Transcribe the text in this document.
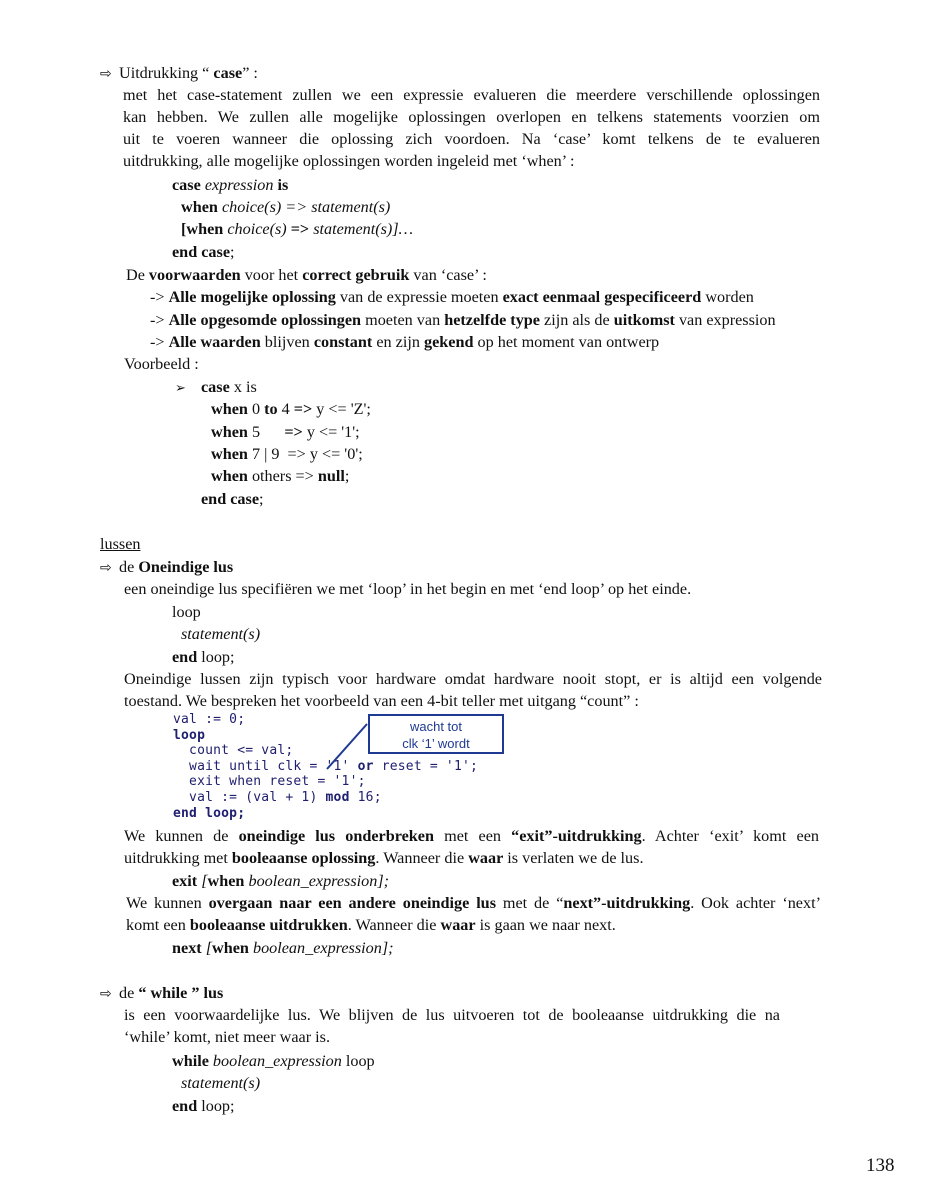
⇨ Uitdrukking “ case” :
met het case-statement zullen we een expressie evalueren die meerdere verschillende oplossingen
kan hebben. We zullen alle mogelijke oplossingen overlopen en telkens statements voorzien om
uit te voeren wanneer die oplossing zich voordoen. Na ‘case’ komt telkens de te evalueren
uitdrukking, alle mogelijke oplossingen worden ingeleid met ‘when’ :
case expression is
when choice(s) => statement(s)
[when choice(s) => statement(s)]…
end case;
De voorwaarden voor het correct gebruik van ‘case’ :
-> Alle mogelijke oplossing van de expressie moeten exact eenmaal gespecificeerd worden
-> Alle opgesomde oplossingen moeten van hetzelfde type zijn als de uitkomst van expression
-> Alle waarden blijven constant en zijn gekend op het moment van ontwerp
Voorbeeld :
➢ case x is
when 0 to 4 => y <= 'Z';
when 5      => y <= '1';
when 7 | 9  => y <= '0';
when others => null;
end case;
lussen
⇨ de Oneindige lus
een oneindige lus specifiëren we met ‘loop’ in het begin en met ‘end loop’ op het einde.
loop
statement(s)
end loop;
Oneindige lussen zijn typisch voor hardware omdat hardware nooit stopt, er is altijd een volgende
toestand. We bespreken het voorbeeld van een 4-bit teller met uitgang “count” :
val := 0;
loop
count <= val;
wait until clk = '1' or reset = '1';
exit when reset = '1';
val := (val + 1) mod 16;
end loop;
wacht tot
clk ‘1’ wordt
We kunnen de oneindige lus onderbreken met een “exit”-uitdrukking. Achter ‘exit’ komt een
uitdrukking met booleaanse oplossing. Wanneer die waar is verlaten we de lus.
exit [when boolean_expression];
We kunnen overgaan naar een andere oneindige lus met de “next”-uitdrukking. Ook achter ‘next’
komt een booleaanse uitdrukken. Wanneer die waar is gaan we naar next.
next [when boolean_expression];
⇨ de “ while ” lus
is een voorwaardelijke lus. We blijven de lus uitvoeren tot de booleaanse uitdrukking die na
‘while’ komt, niet meer waar is.
while boolean_expression loop
statement(s)
end loop;
138
